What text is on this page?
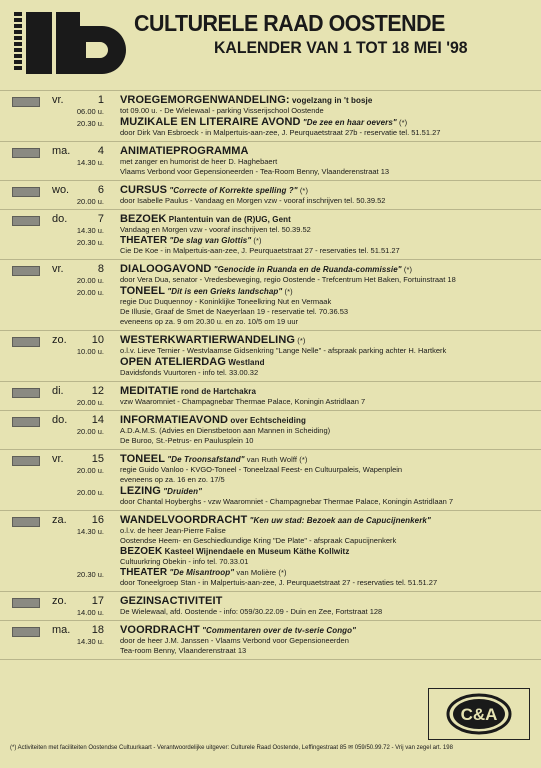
CULTURELE RAAD OOSTENDE
KALENDER VAN 1 TOT 18 MEI '98
vr.	1 VROEGEMORGENWANDELING: vogelzang in 't bosje
06.00 u. tot 09.00 u. - De Wielewaal - parking Visserijschool Oostende
20.30 u. MUZIKALE EN LITERAIRE AVOND "De zee en haar oevers" (*)
door Dirk Van Esbroeck - in Malpertuis-aan-zee, J. Peurquaetstraat 27b - reservatie tel. 51.51.27
ma.	4 ANIMATIEPROGRAMMA
14.30 u. met zanger en humorist de heer D. Haghebaert
Vlaams Verbond voor Gepensioneerden - Tea-Room Benny, Vlaanderenstraat 13
wo.	6 CURSUS "Correcte of Korrekte spelling ?" (*)
20.00 u. door Isabelle Paulus - Vandaag en Morgen vzw - vooraf inschrijven tel. 50.39.52
do.	7 BEZOEK Plantentuin van de (R)UG, Gent
14.30 u. Vandaag en Morgen vzw - vooraf inschrijven tel. 50.39.52
20.30 u. THEATER "De slag van Glottis" (*)
Cie De Koe - in Malpertuis-aan-zee, J. Peurquaetstraat 27 - reservaties tel. 51.51.27
vr.	8 DIALOOGAVOND "Genocide in Ruanda en de Ruanda-commissie" (*)
20.00 u. door Vera Dua, senator - Vredesbeweging, regio Oostende - Trefcentrum Het Baken, Fortuinstraat 18
20.00 u. TONEEL "Dit is een Grieks landschap" (*)
regie Duc Duquennoy - Koninklijke Toneelkring Nut en Vermaak
De Illusie, Graaf de Smet de Naeyerlaan 19 - reservatie tel. 70.36.53
eveneens op za. 9 om 20.30 u. en zo. 10/5 om 19 uur
zo.	10 WESTERKWARTIERWANDELING (*)
10.00 u. o.l.v. Lieve Ternier - Westvlaamse Gidsenkring "Lange Nelle" - afspraak parking achter H. Hartkerk
OPEN ATELIERDAG Westland
Davidsfonds Vuurtoren - info tel. 33.00.32
di.	12 MEDITATIE rond de Hartchakra
20.00 u. vzw Waaromniet - Champagnebar Thermae Palace, Koningin Astridlaan 7
do.	14 INFORMATIEAVOND over Echtscheiding
20.00 u. A.D.A.M.S. (Advies en Dienstbetoon aan Mannen in Scheiding)
De Buroo, St.-Petrus- en Paulusplein 10
vr.	15 TONEEL "De Troonsafstand" van Ruth Wolff (*)
20.00 u. regie Guido Vanloo - KVGO-Toneel - Toneelzaal Feest- en Cultuurpaleis, Wapenplein
eveneens op za. 16 en zo. 17/5
20.00 u. LEZING "Druiden"
door Chantal Hoyberghs - vzw Waaromniet - Champagnebar Thermae Palace, Koningin Astridlaan 7
za.	16 WANDELVOORDRACHT "Ken uw stad: Bezoek aan de Capucijnenkerk"
14.30 u. o.l.v. de heer Jean-Pierre Falise
Oostendse Heem- en Geschiedkundige Kring "De Plate" - afspraak Capucijnenkerk
BEZOEK Kasteel Wijnendaele en Museum Käthe Kollwitz
Cultuurkring Obekin - info tel. 70.33.01
20.30 u. THEATER "De Misantroop" van Molière (*)
door Toneelgroep Stan - in Malpertuis-aan-zee, J. Peurquaetstraat 27 - reservaties tel. 51.51.27
zo.	17 GEZINSACTIVITEIT
14.00 u. De Wielewaal, afd. Oostende - info: 059/30.22.09 - Duin en Zee, Fortstraat 128
ma.	18 VOORDRACHT "Commentaren over de tv-serie Congo"
14.30 u. door de heer J.M. Janssen - Vlaams Verbond voor Gepensioneerden
Tea-room Benny, Vlaanderenstraat 13
C&A
(*) Activiteiten met faciliteiten Oostendse Cultuurkaart - Verantwoordelijke uitgever: Culturele Raad Oostende, Leffingestraat 85 ✉ 059/50.99.72 - Vrij van zegel art. 198
